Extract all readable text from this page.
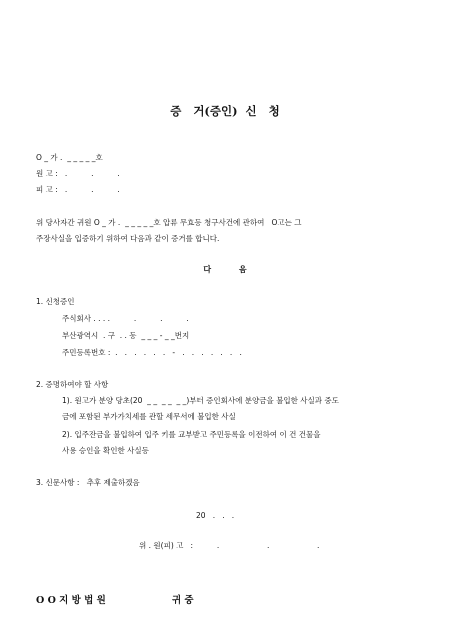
증   거(증인)  신   청
O _ 가 .  _ _ _ _ _호
원 고 :   .          .          .
피 고 :   .          .          .
위 당사자간 귀원 O _ 가 .  _ _ _ _ _호 압류 무효등 청구사건에 관하여   O고는 그
주장사실을 입증하기 위하여 다음과 같이 증거를 합니다.
다          음
1. 신청증인
주식회사 . . . .          .          .          .
부산광역시  . 구  . . 동  _ _ _ - _ _번지
주민등록번호 :  .   .   .   .   .   .   -   .   .   .   .   .   .   .
2. 증명하여야 할 사항
1). 원고가 분양 당초(20  _ _  _ _  _ _)부터 증인회사에 분양금을 불입한 사실과 중도
금에 포함된 부가가치세를 관할 세무서에 불입한 사실
2). 입주잔금을 불입하여 입주 키를 교부받고 주민등록을 이전하여 이 건 건물을
사용 승인을 확인한 사실등
3. 신문사항 :   추후 제출하겠음
20   .   .   .
위 . 원(피) 고   :          .                    .                    .
O O 지 방 법 원                    귀 중
